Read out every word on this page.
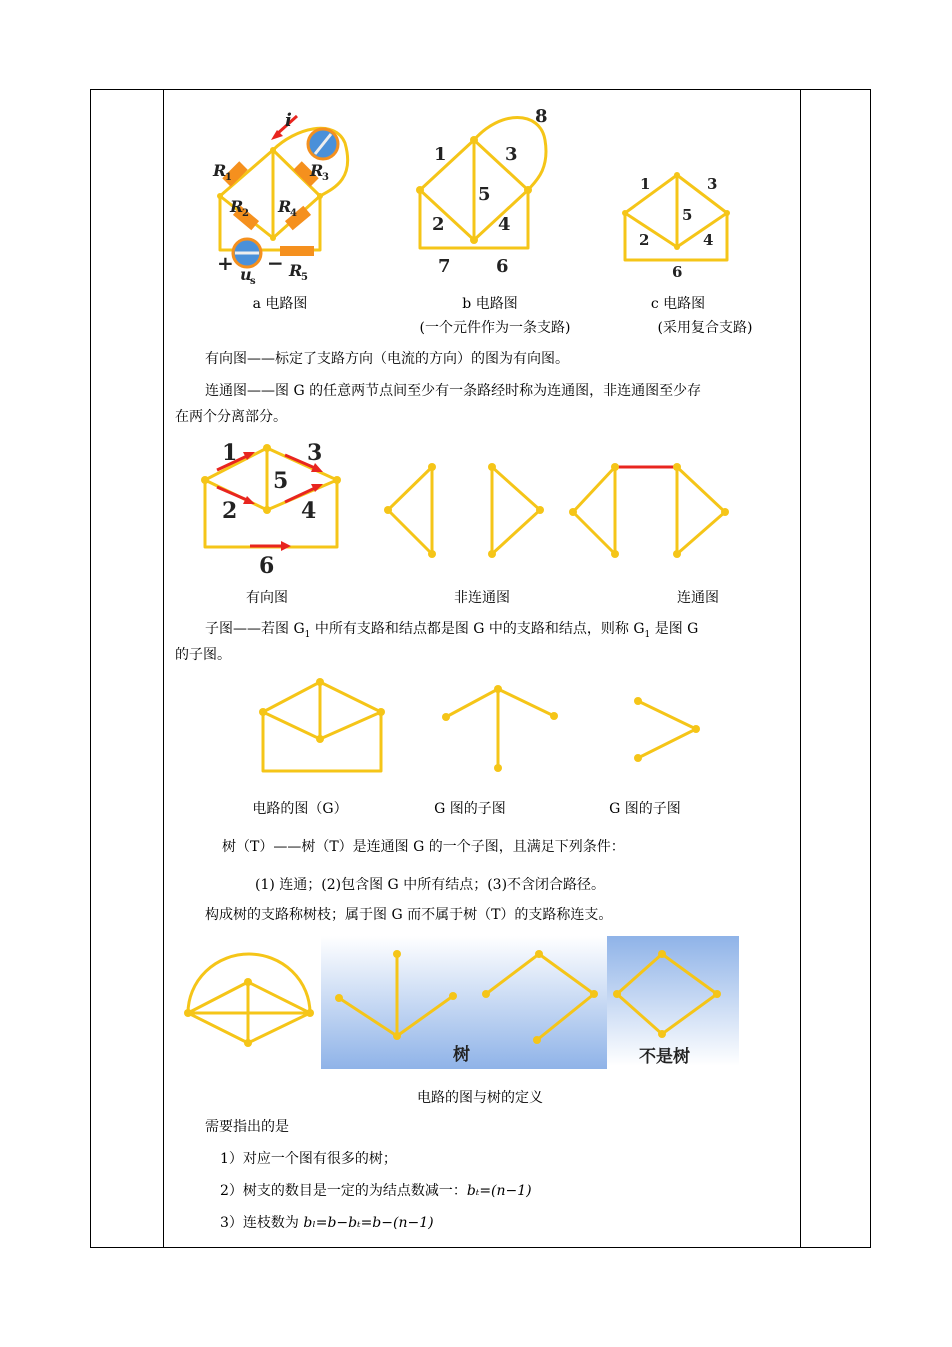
i
R
1
R
2
R
3
R
4
R
5
u
s
+ −
a 电路图
8
1	3
5
2	4
7	6
b 电路图
(一个元件作为一条支路)
1	3
5
2	4
6
c 电路图
(采用复合支路)
有向图——标定了支路方向（电流的方向）的图为有向图。
连通图——图 G 的任意两节点间至少有一条路经时称为连通图，非连通图至少存
在两个分离部分。
1	3
5
2	4
6
有向图	非连通图	连通图
子图——若图 $G_1$ 中所有支路和结点都是图 G 中的支路和结点，则称 $G_1$ 是图 G
的子图。
电路的图（G）	G 图的子图	G 图的子图
树（T）——树（T）是连通图 G 的一个子图，且满足下列条件：
(1) 连通；(2)包含图 G 中所有结点；(3)不含闭合路径。
构成树的支路称树枝；属于图 G 而不属于树（T）的支路称连支。
树	不是树
电路的图与树的定义
需要指出的是
1）对应一个图有很多的树；
2）树支的数目是一定的为结点数减一：bₜ=(n−1)
3）连枝数为 bₗ=b−bₜ=b−(n−1)
